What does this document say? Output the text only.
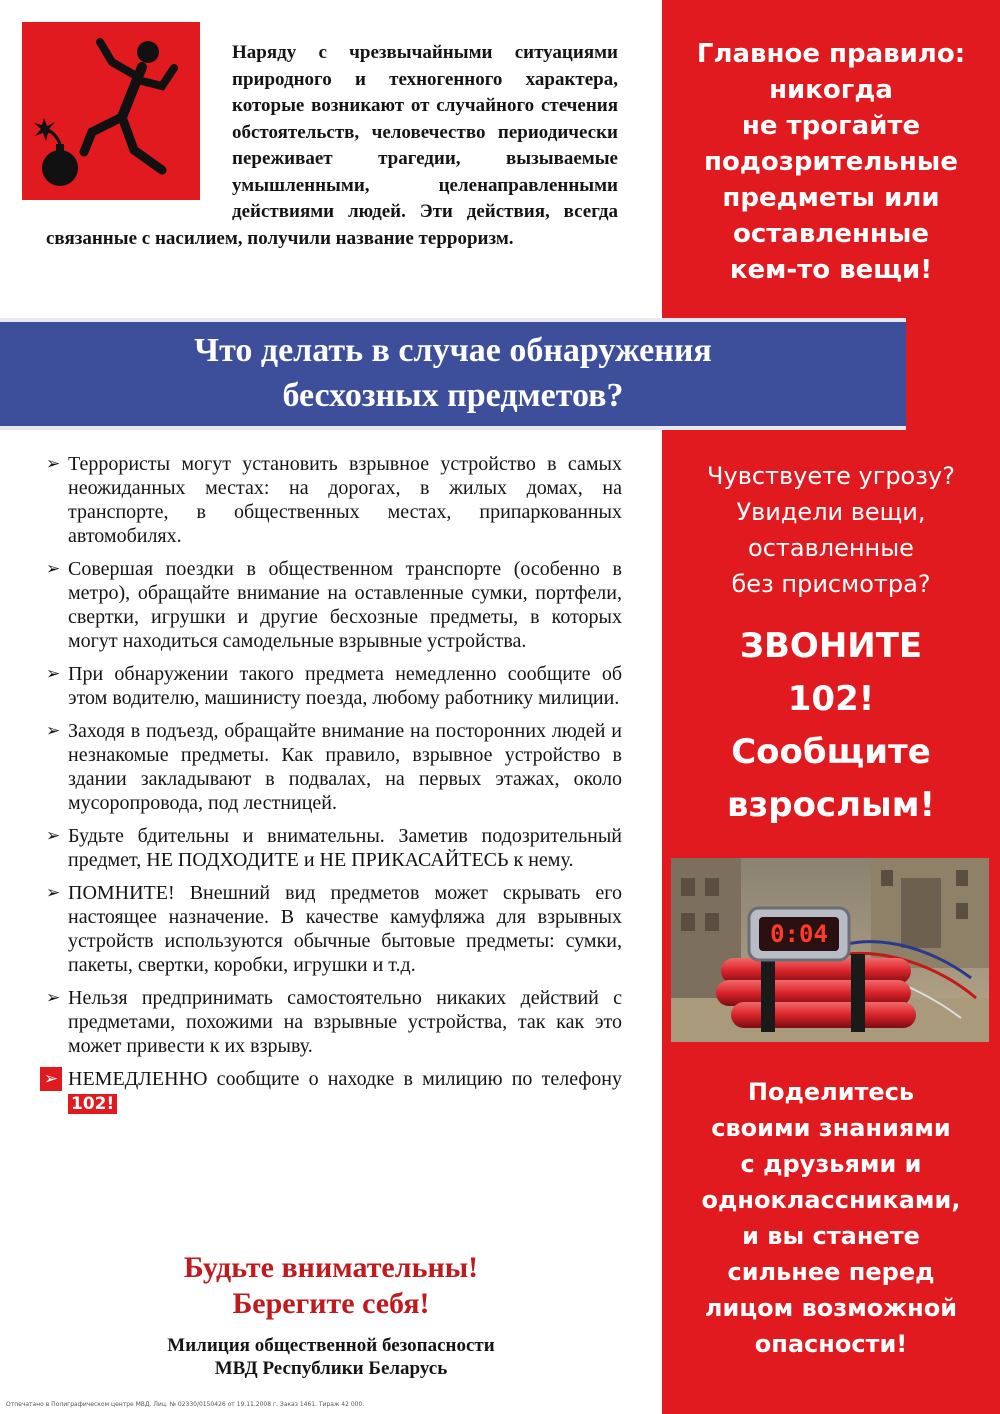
Главное правило:
никогда
не трогайте
подозрительные
предметы или
оставленные
кем-то вещи!
Чувствуете угрозу?
Увидели вещи,
оставленные
без присмотра?
ЗВОНИТЕ
102!
Сообщите
взрослым!
0:04
Поделитесь
своими знаниями
с друзьями и
одноклассниками,
и вы станете
сильнее перед
лицом возможной
опасности!
Наряду с чрезвычайными ситуациями природного и техногенного характера, которые возникают от случайного стечения обстоятельств, человечество периодически переживает трагедии, вызываемые умышленными, целенаправленными действиями людей. Эти действия, всегда связанные с насилием, получили название терроризм.
Что делать в случае обнаружения
бесхозных предметов?
➢ Террористы могут установить взрывное устройство в самых неожиданных местах: на дорогах, в жилых домах, на транспорте, в общественных местах, припаркованных автомобилях.
➢ Совершая поездки в общественном транспорте (особенно в метро), обращайте внимание на оставленные сумки, портфели, свертки, игрушки и другие бесхозные предметы, в которых могут находиться самодельные взрывные устройства.
➢ При обнаружении такого предмета немедленно сообщите об этом водителю, машинисту поезда, любому работнику милиции.
➢ Заходя в подъезд, обращайте внимание на посторонних людей и незнакомые предметы. Как правило, взрывное устройство в здании закладывают в подвалах, на первых этажах, около мусоропровода, под лестницей.
➢ Будьте бдительны и внимательны. Заметив подозрительный предмет, НЕ ПОДХОДИТЕ и НЕ ПРИКАСАЙТЕСЬ к нему.
➢ ПОМНИТЕ! Внешний вид предметов может скрывать его настоящее назначение. В качестве камуфляжа для взрывных устройств используются обычные бытовые предметы: сумки, пакеты, свертки, коробки, игрушки и т.д.
➢ Нельзя предпринимать самостоятельно никаких действий с предметами, похожими на взрывные устройства, так как это может привести к их взрыву.
➢ НЕМЕДЛЕННО сообщите о находке в милицию по телефону 102!
Будьте внимательны!
Берегите себя!
Милиция общественной безопасности
МВД Республики Беларусь
Отпечатано в Полиграфическом центре МВД. Лиц. № 02330/0150426 от 19.11.2008 г. Заказ 1461. Тираж 42 000.
